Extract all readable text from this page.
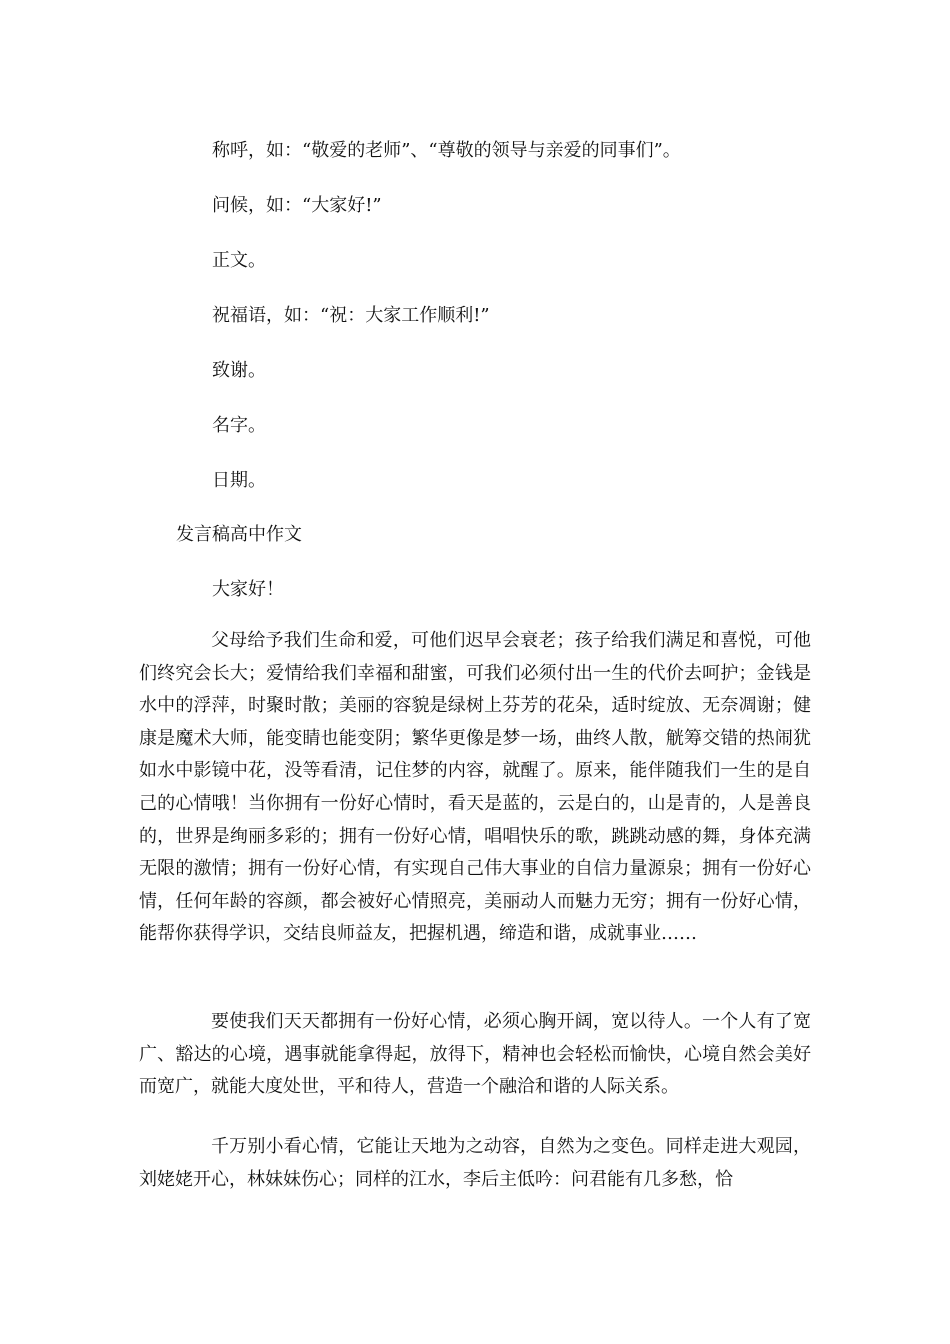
称呼，如：“敬爱的老师”、“尊敬的领导与亲爱的同事们”。
问候，如：“大家好!”
正文。
祝福语，如：“祝：大家工作顺利!”
致谢。
名字。
日期。
发言稿高中作文
大家好！

父母给予我们生命和爱，可他们迟早会衰老；孩子给我们满足和喜悦，可他们终究会长大；爱情给我们幸福和甜蜜，可我们必须付出一生的代价去呵护；金钱是水中的浮萍，时聚时散；美丽的容貌是绿树上芬芳的花朵，适时绽放、无奈凋谢；健康是魔术大师，能变睛也能变阴；繁华更像是梦一场，曲终人散，觥筹交错的热闹犹如水中影镜中花，没等看清，记住梦的内容，就醒了。原来，能伴随我们一生的是自己的心情哦！当你拥有一份好心情时，看天是蓝的，云是白的，山是青的，人是善良的，世界是绚丽多彩的；拥有一份好心情，唱唱快乐的歌，跳跳动感的舞，身体充满无限的激情；拥有一份好心情，有实现自己伟大事业的自信力量源泉；拥有一份好心情，任何年龄的容颜，都会被好心情照亮，美丽动人而魅力无穷；拥有一份好心情，能帮你获得学识，交结良师益友，把握机遇，缔造和谐，成就事业……

要使我们天天都拥有一份好心情，必须心胸开阔，宽以待人。一个人有了宽广、豁达的心境，遇事就能拿得起，放得下，精神也会轻松而愉快，心境自然会美好而宽广，就能大度处世，平和待人，营造一个融洽和谐的人际关系。

千万别小看心情，它能让天地为之动容，自然为之变色。同样走进大观园，刘姥姥开心，林妹妹伤心；同样的江水，李后主低吟：问君能有几多愁，恰
